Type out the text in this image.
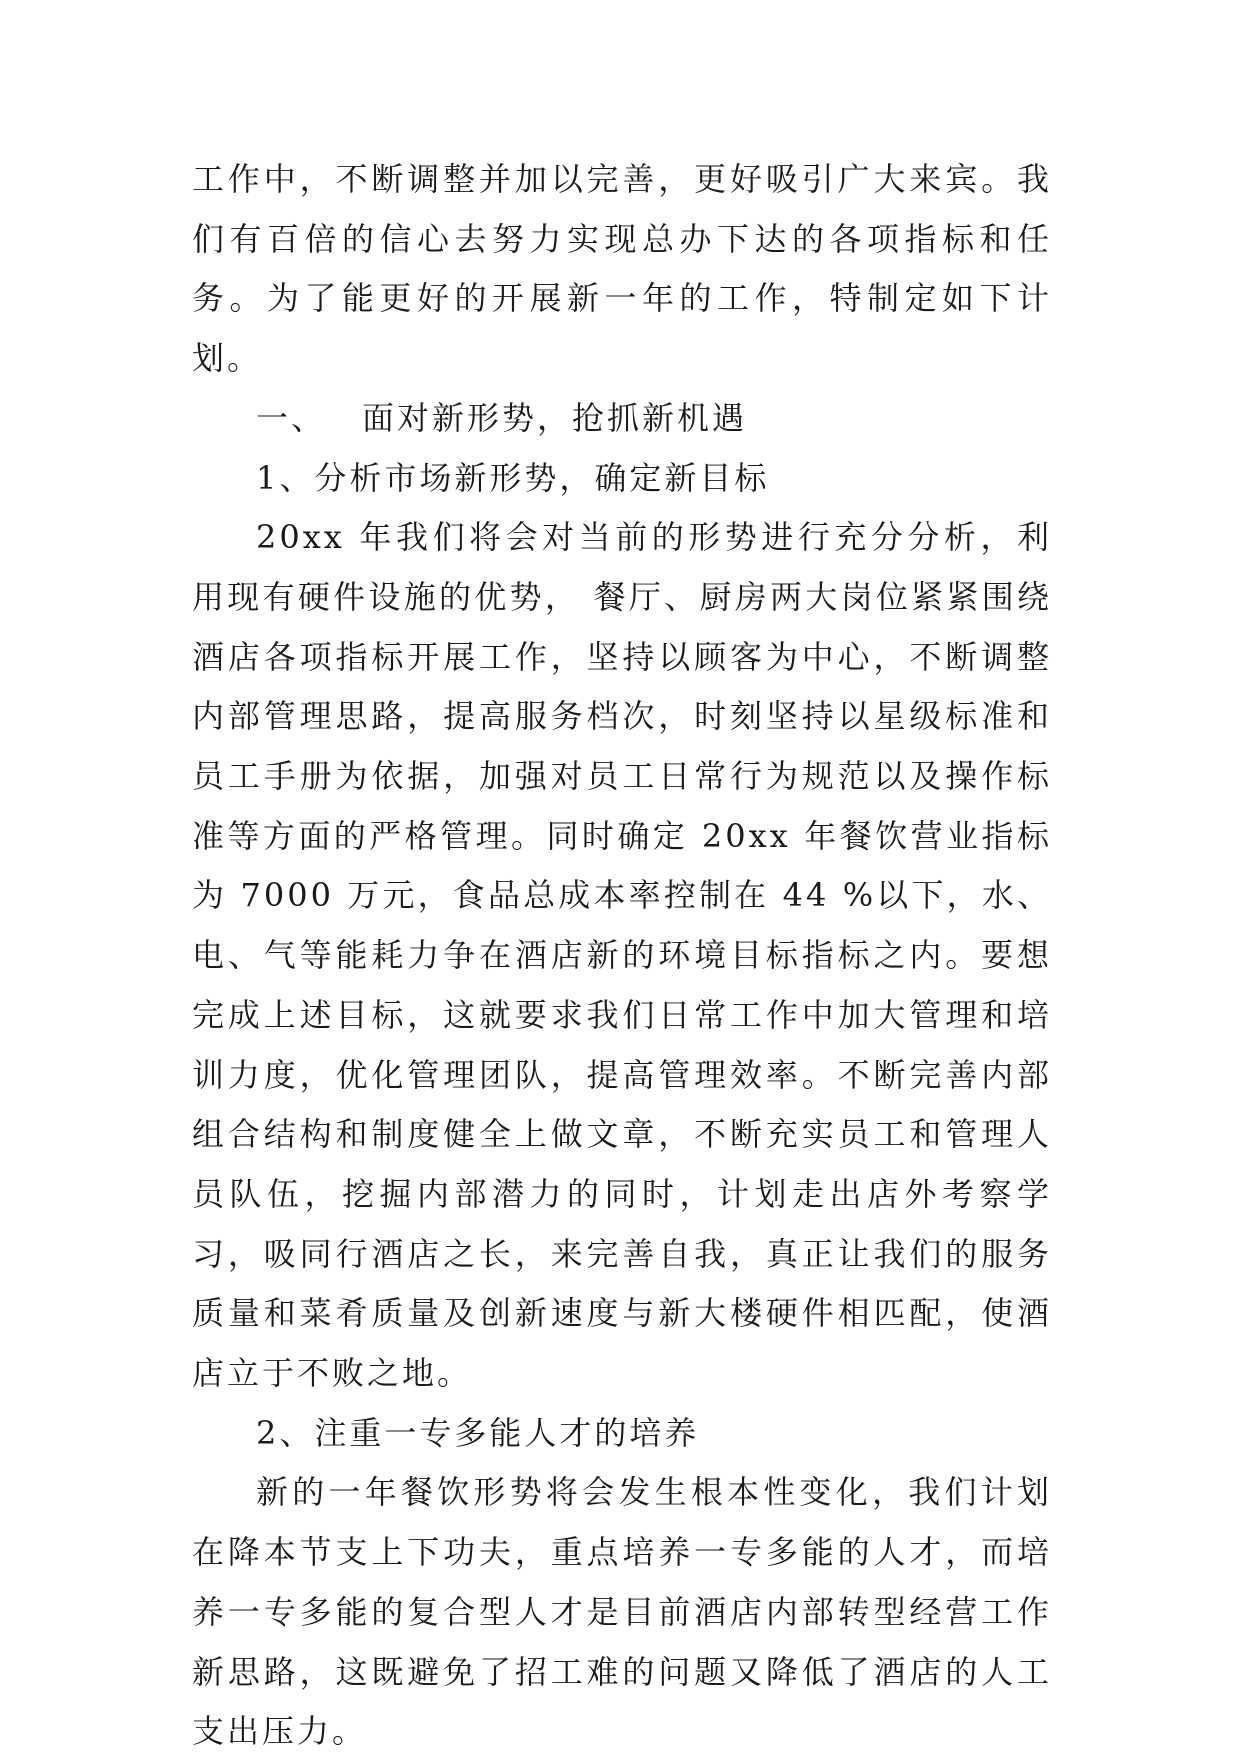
工作中，不断调整并加以完善，更好吸引广大来宾。我们有百倍的信心去努力实现总办下达的各项指标和任务。为了能更好的开展新一年的工作，特制定如下计划。

一、 面对新形势，抢抓新机遇

1、分析市场新形势，确定新目标

20xx 年我们将会对当前的形势进行充分分析，利用现有硬件设施的优势， 餐厅、厨房两大岗位紧紧围绕酒店各项指标开展工作，坚持以顾客为中心，不断调整内部管理思路，提高服务档次，时刻坚持以星级标准和员工手册为依据，加强对员工日常行为规范以及操作标准等方面的严格管理。同时确定 20xx 年餐饮营业指标为 7000 万元，食品总成本率控制在 44 %以下，水、电、气等能耗力争在酒店新的环境目标指标之内。要想完成上述目标，这就要求我们日常工作中加大管理和培训力度，优化管理团队，提高管理效率。不断完善内部组合结构和制度健全上做文章，不断充实员工和管理人员队伍，挖掘内部潜力的同时，计划走出店外考察学习，吸同行酒店之长，来完善自我，真正让我们的服务质量和菜肴质量及创新速度与新大楼硬件相匹配，使酒店立于不败之地。

2、注重一专多能人才的培养

新的一年餐饮形势将会发生根本性变化，我们计划在降本节支上下功夫，重点培养一专多能的人才，而培养一专多能的复合型人才是目前酒店内部转型经营工作新思路，这既避免了招工难的问题又降低了酒店的人工支出压力。
